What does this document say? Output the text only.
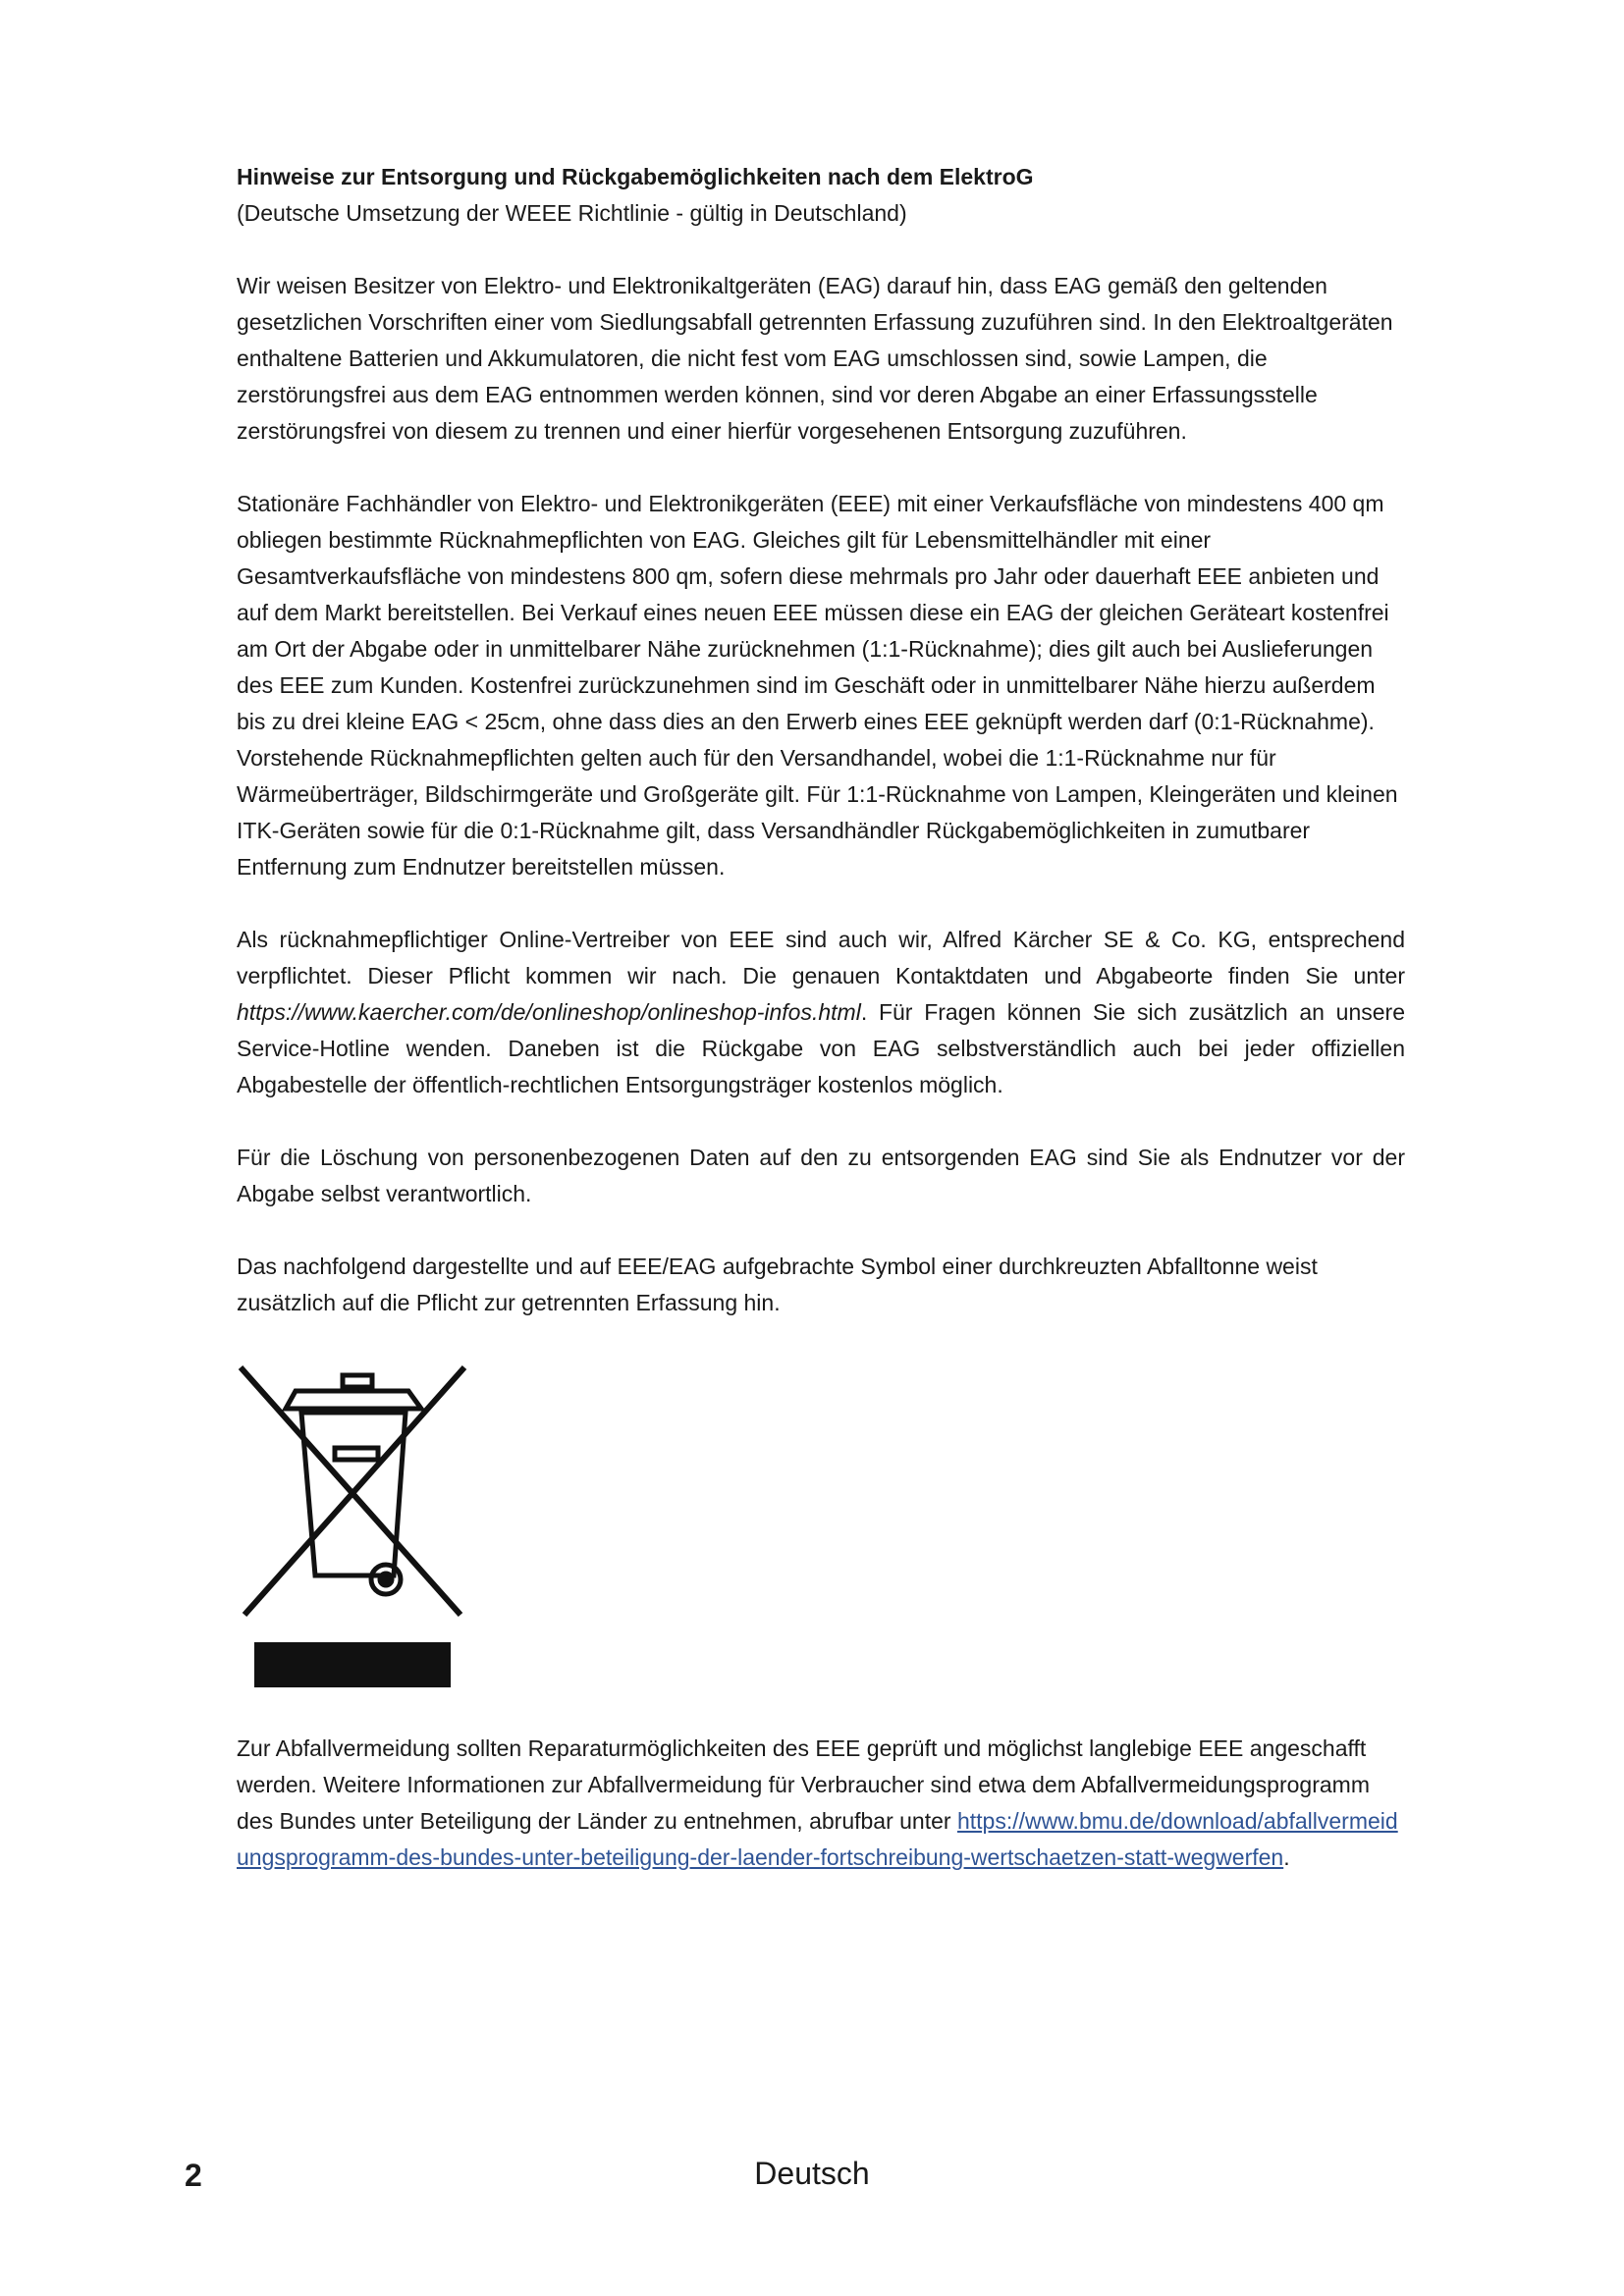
Hinweise zur Entsorgung und Rückgabemöglichkeiten nach dem ElektroG
(Deutsche Umsetzung der WEEE Richtlinie - gültig in Deutschland)

Wir weisen Besitzer von Elektro- und Elektronikaltgeräten (EAG) darauf hin, dass EAG gemäß den geltenden gesetzlichen Vorschriften einer vom Siedlungsabfall getrennten Erfassung zuzuführen sind. In den Elektroaltgeräten enthaltene Batterien und Akkumulatoren, die nicht fest vom EAG umschlossen sind, sowie Lampen, die zerstörungsfrei aus dem EAG entnommen werden können, sind vor deren Abgabe an einer Erfassungsstelle zerstörungsfrei von diesem zu trennen und einer hierfür vorgesehenen Entsorgung zuzuführen.

Stationäre Fachhändler von Elektro- und Elektronikgeräten (EEE) mit einer Verkaufsfläche von mindestens 400 qm obliegen bestimmte Rücknahmepflichten von EAG. Gleiches gilt für Lebensmittelhändler mit einer Gesamtverkaufsfläche von mindestens 800 qm, sofern diese mehrmals pro Jahr oder dauerhaft EEE anbieten und auf dem Markt bereitstellen. Bei Verkauf eines neuen EEE müssen diese ein EAG der gleichen Geräteart kostenfrei am Ort der Abgabe oder in unmittelbarer Nähe zurücknehmen (1:1-Rücknahme); dies gilt auch bei Auslieferungen des EEE zum Kunden. Kostenfrei zurückzunehmen sind im Geschäft oder in unmittelbarer Nähe hierzu außerdem bis zu drei kleine EAG < 25cm, ohne dass dies an den Erwerb eines EEE geknüpft werden darf (0:1-Rücknahme). Vorstehende Rücknahmepflichten gelten auch für den Versandhandel, wobei die 1:1-Rücknahme nur für Wärmeüberträger, Bildschirmgeräte und Großgeräte gilt. Für 1:1-Rücknahme von Lampen, Kleingeräten und kleinen ITK-Geräten sowie für die 0:1-Rücknahme gilt, dass Versandhändler Rückgabemöglichkeiten in zumutbarer Entfernung zum Endnutzer bereitstellen müssen.

Als rücknahmepflichtiger Online-Vertreiber von EEE sind auch wir, Alfred Kärcher SE & Co. KG, entsprechend verpflichtet. Dieser Pflicht kommen wir nach. Die genauen Kontaktdaten und Abgabeorte finden Sie unter https://www.kaercher.com/de/onlineshop/onlineshop-infos.html. Für Fragen können Sie sich zusätzlich an unsere Service-Hotline wenden. Daneben ist die Rückgabe von EAG selbstverständlich auch bei jeder offiziellen Abgabestelle der öffentlich-rechtlichen Entsorgungsträger kostenlos möglich.

Für die Löschung von personenbezogenen Daten auf den zu entsorgenden EAG sind Sie als Endnutzer vor der Abgabe selbst verantwortlich.

Das nachfolgend dargestellte und auf EEE/EAG aufgebrachte Symbol einer durchkreuzten Abfalltonne weist zusätzlich auf die Pflicht zur getrennten Erfassung hin.

Zur Abfallvermeidung sollten Reparaturmöglichkeiten des EEE geprüft und möglichst langlebige EEE angeschafft werden. Weitere Informationen zur Abfallvermeidung für Verbraucher sind etwa dem Abfallvermeidungsprogramm des Bundes unter Beteiligung der Länder zu entnehmen, abrufbar unter https://www.bmu.de/download/abfallvermeidungsprogramm-des-bundes-unter-beteiligung-der-laender-fortschreibung-wertschaetzen-statt-wegwerfen.

2	Deutsch
